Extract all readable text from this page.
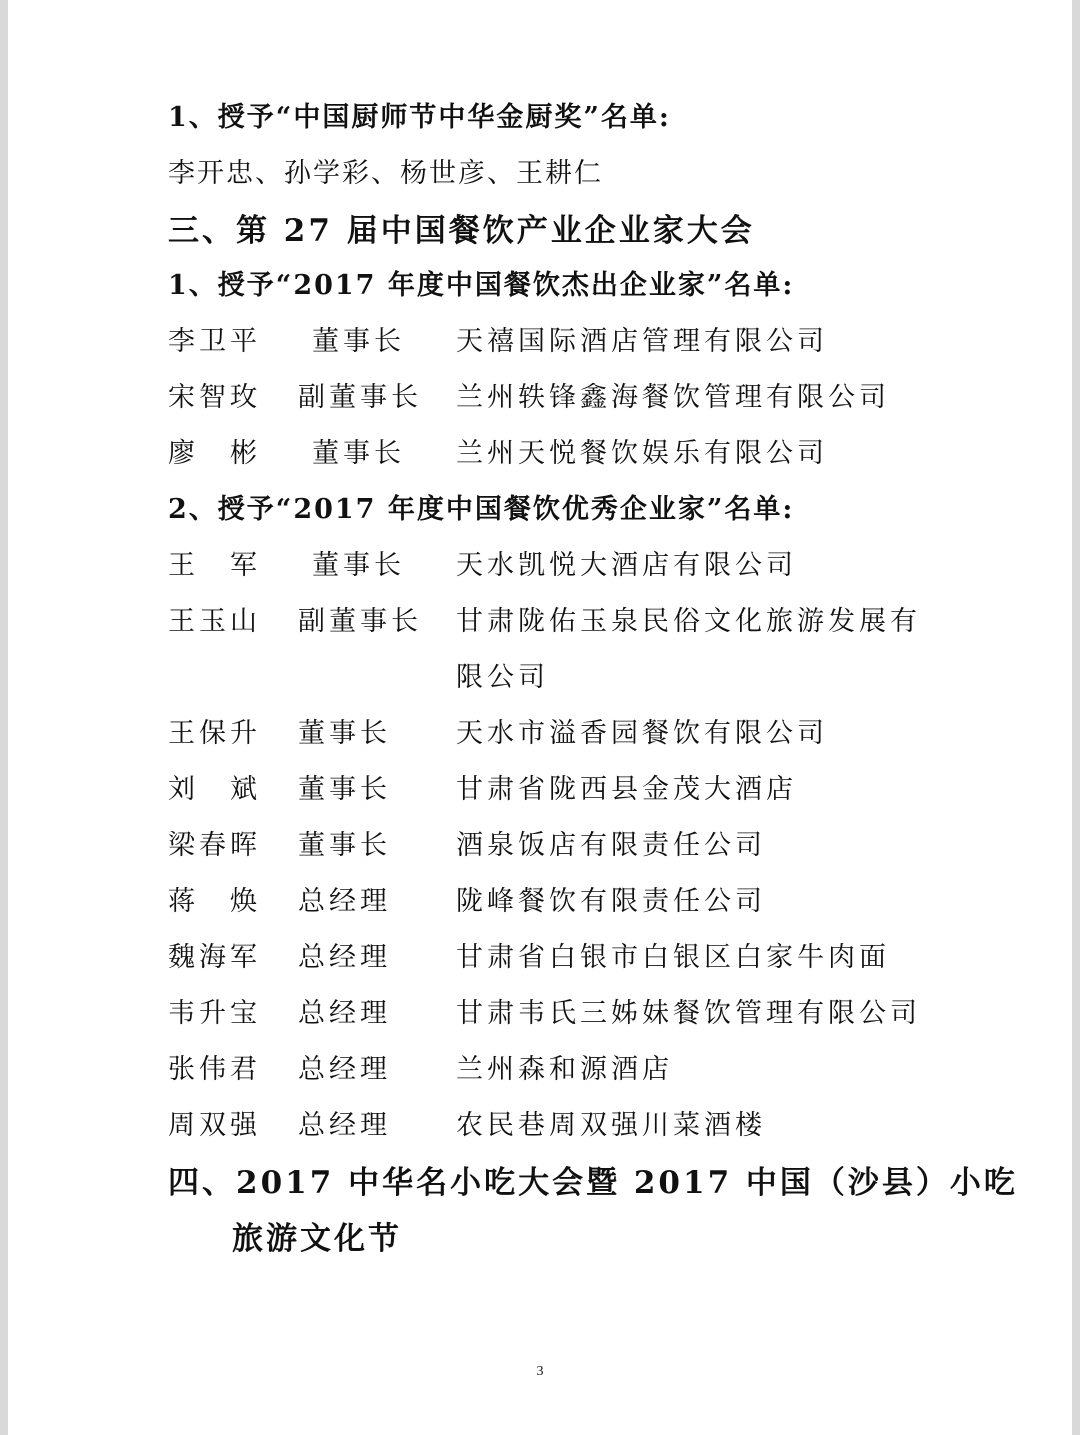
1、授予“中国厨师节中华金厨奖”名单:
李开忠、孙学彩、杨世彦、王耕仁
三、第 27 届中国餐饮产业企业家大会
1、授予“2017 年度中国餐饮杰出企业家”名单:
李卫平 董事长 天禧国际酒店管理有限公司
宋智玫 副董事长 兰州轶锋鑫海餐饮管理有限公司
廖　彬 董事长 兰州天悦餐饮娱乐有限公司
2、授予“2017 年度中国餐饮优秀企业家”名单:
王　军 董事长 天水凯悦大酒店有限公司
王玉山 副董事长 甘肃陇佑玉泉民俗文化旅游发展有
限公司
王保升 董事长 天水市溢香园餐饮有限公司
刘　斌 董事长 甘肃省陇西县金茂大酒店
梁春晖 董事长 酒泉饭店有限责任公司
蒋　焕 总经理 陇峰餐饮有限责任公司
魏海军 总经理 甘肃省白银市白银区白家牛肉面
韦升宝 总经理 甘肃韦氏三姊妹餐饮管理有限公司
张伟君 总经理 兰州森和源酒店
周双强 总经理 农民巷周双强川菜酒楼
四、2017 中华名小吃大会暨 2017 中国（沙县）小吃
旅游文化节
3
